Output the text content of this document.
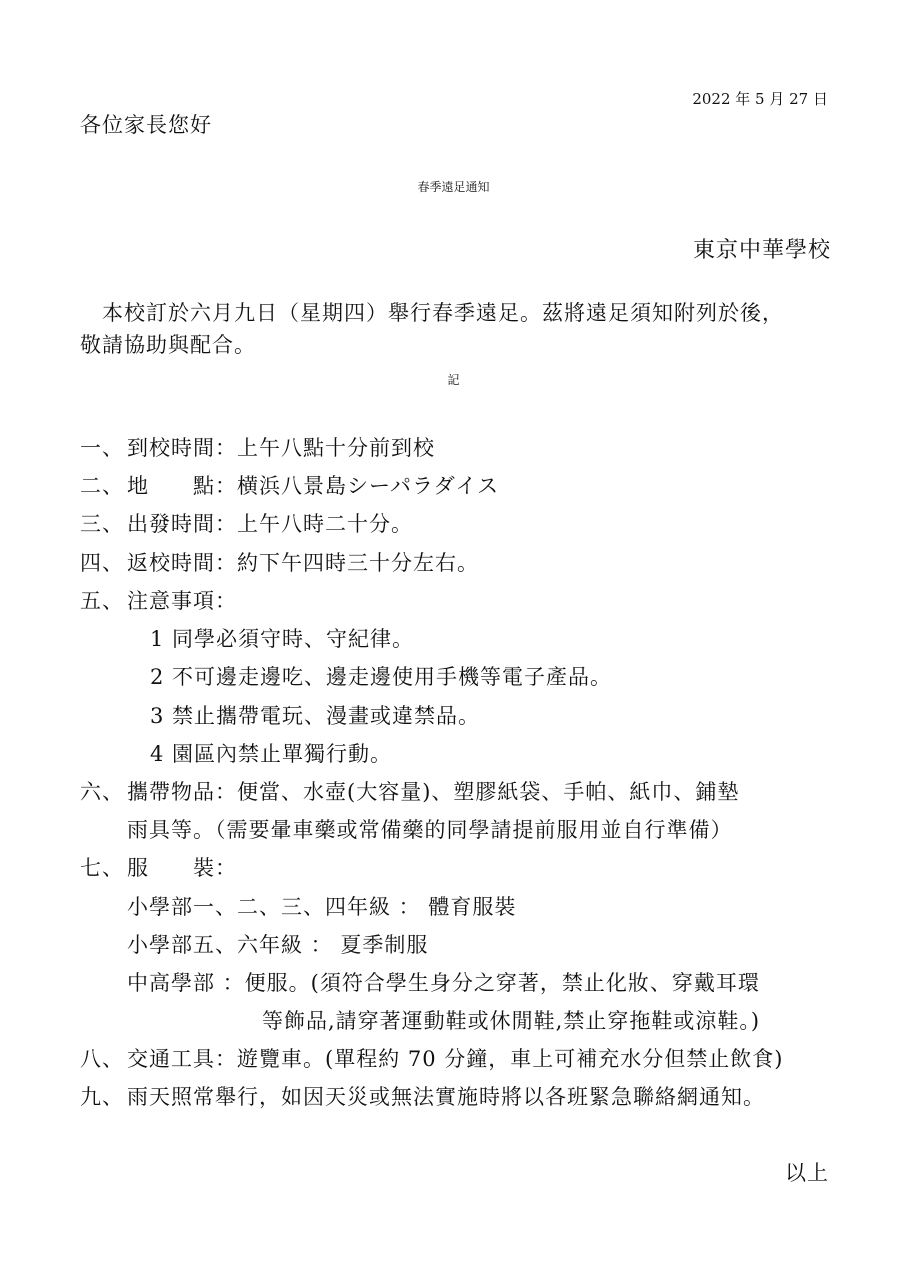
2022 年 5 月 27 日
各位家長您好
春季遠足通知
東京中華學校
　本校訂於六月九日（星期四）舉行春季遠足。茲將遠足須知附列於後，
敬請協助與配合。
記
一、 到校時間：上午八點十分前到校
二、 地　　點：横浜八景島シーパラダイス
三、 出發時間：上午八時二十分。
四、 返校時間：約下午四時三十分左右。
五、 注意事項：
1 同學必須守時、守紀律。
2 不可邊走邊吃、邊走邊使用手機等電子產品。
3 禁止攜帶電玩、漫畫或違禁品。
4 園區內禁止單獨行動。
六、 攜帶物品：便當、水壺(大容量)、塑膠紙袋、手帕、紙巾、鋪墊
雨具等。（需要暈車藥或常備藥的同學請提前服用並自行準備）
七、 服　　裝：
小學部一、二、三、四年級 ： 體育服裝
小學部五、六年級 ： 夏季制服
中高學部 ：便服。(須符合學生身分之穿著，禁止化妝、穿戴耳環
等飾品,請穿著運動鞋或休閒鞋,禁止穿拖鞋或涼鞋。)
八、 交通工具：遊覽車。(單程約 70 分鐘，車上可補充水分但禁止飲食)
九、 雨天照常舉行，如因天災或無法實施時將以各班緊急聯絡網通知。
以上
